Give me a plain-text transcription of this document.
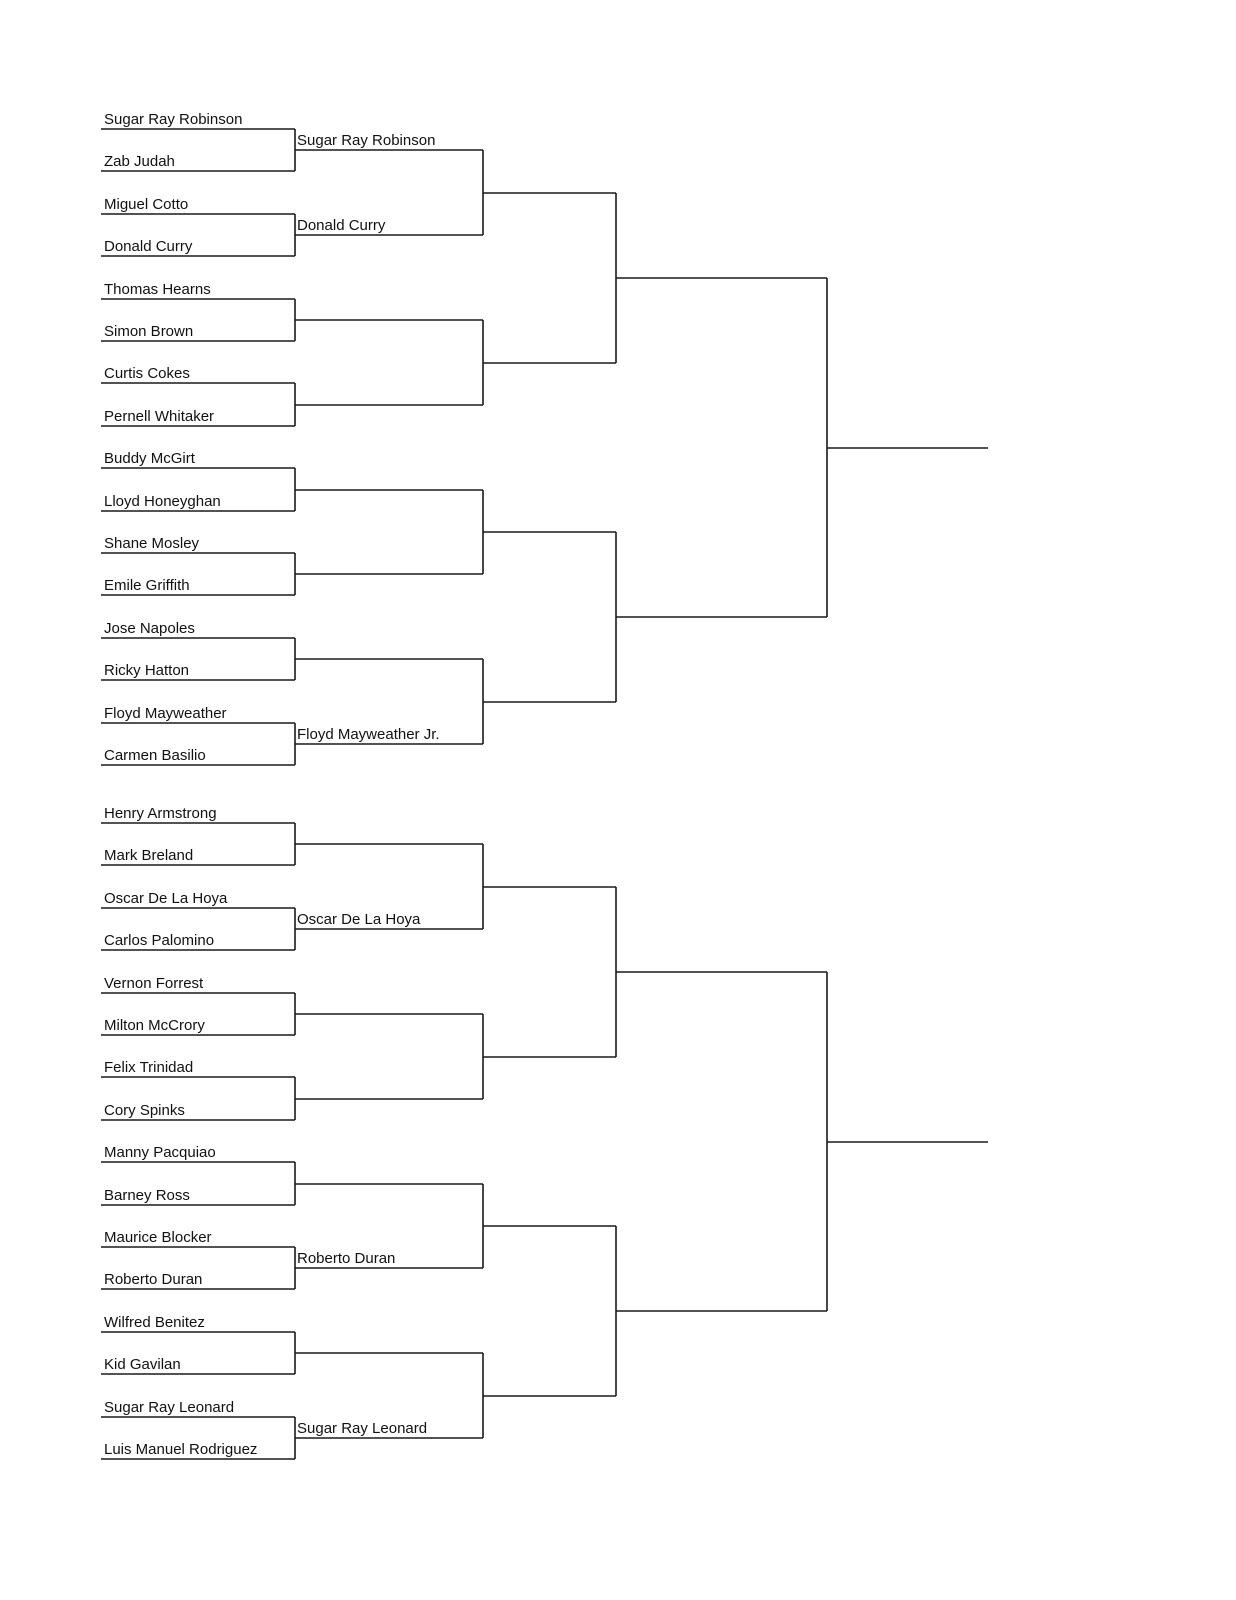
Sugar Ray Robinson
Zab Judah
Miguel Cotto
Donald Curry
Thomas Hearns
Simon Brown
Curtis Cokes
Pernell Whitaker
Buddy McGirt
Lloyd Honeyghan
Shane Mosley
Emile Griffith
Jose Napoles
Ricky Hatton
Floyd Mayweather
Carmen Basilio
Sugar Ray Robinson
Donald Curry
Floyd Mayweather Jr.
Henry Armstrong
Mark Breland
Oscar De La Hoya
Carlos Palomino
Vernon Forrest
Milton McCrory
Felix Trinidad
Cory Spinks
Manny Pacquiao
Barney Ross
Maurice Blocker
Roberto Duran
Wilfred Benitez
Kid Gavilan
Sugar Ray Leonard
Luis Manuel Rodriguez
Oscar De La Hoya
Roberto Duran
Sugar Ray Leonard
